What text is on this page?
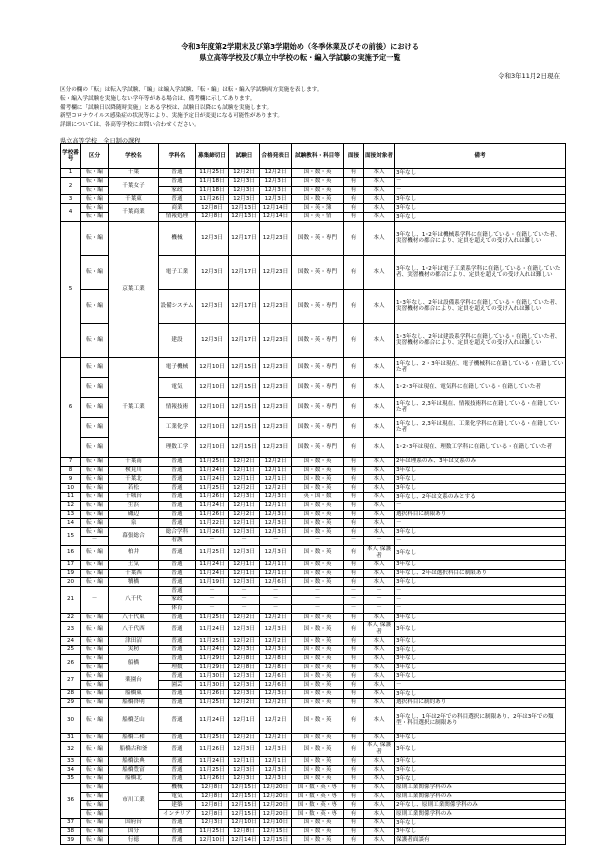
令和3年度第2学期末及び第3学期始め（冬季休業及びその前後）における
県立高等学校及び県立中学校の転・編入学試験の実施予定一覧
令和3年11月2日現在
区分の欄の「転」は転入学試験、「編」は編入学試験、「転・編」は転・編入学試験両方実施を表します。
転・編入学試験を実施しない学年等がある場合は、備考欄に示してあります。
備考欄に「試験日以降随時実施」とある学校は、試験日以降にも試験を実施します。
新型コロナウイルス感染症の状況等により、実施予定日が変更になる可能性があります。
詳細については、各高等学校にお問い合わせください。
県立高等学校　全日制の課程
学校番号	区分	学校名	学科名	募集締切日	試験日	合格発表日	試験教科・科目等	面接	面接対象者	備考
1	転・編	千葉	普通	11月25日	12月2日	12月2日	国・数・英	有	本人	3年なし
2	転・編	千葉女子	普通	11月18日	12月3日	12月3日	国・数・英	有	本人	－
	転・編		家政	11月18日	12月3日	12月3日	国・数・英	有	本人	－
3	転・編	千葉東	普通	11月26日	12月3日	12月3日	国・数・英	有	本人	3年なし
4	転・編	千葉商業	商業	12月8日	12月13日	12月14日	国・英・簿	有	本人	3年なし
	転・編		情報処理	12月8日	12月13日	12月14日	国・英・情	有	本人	3年なし
5	転・編	京葉工業	機械	12月3日	12月17日	12月23日	国数・英・専門	有	本人	3年なし、1･2年は機械系学科に在籍している・在籍していた者、実習機材の都合により、定員を超えての受け入れは難しい
	転・編		電子工業	12月3日	12月17日	12月23日	国数・英・専門	有	本人	3年なし、1･2年は電子工業系学科に在籍している・在籍していた者、実習機材の都合により、定員を超えての受け入れは難しい
	転・編		設備システム	12月3日	12月17日	12月23日	国数・英・専門	有	本人	1･3年なし、2年は設備系学科に在籍している・在籍していた者、実習機材の都合により、定員を超えての受け入れは難しい
	転・編		建設	12月3日	12月17日	12月23日	国数・英・専門	有	本人	1･3年なし、2年は建設系学科に在籍している・在籍していた者、実習機材の都合により、定員を超えての受け入れは難しい
6	転・編	千葉工業	電子機械	12月10日	12月15日	12月23日	国数・英・専門	有	本人	1年なし、2・3年は現在、電子機械科に在籍している・在籍していた者
	転・編		電気	12月10日	12月15日	12月23日	国数・英・専門	有	本人	1･2･3年は現在、電気科に在籍している・在籍していた者
	転・編		情報技術	12月10日	12月15日	12月23日	国数・英・専門	有	本人	1年なし、2,3年は現在、情報技術科に在籍している・在籍していた者
	転・編		工業化学	12月10日	12月15日	12月23日	国数・英・専門	有	本人	1年なし、2,3年は現在、工業化学科に在籍している・在籍していた者
	転・編		理数工学	12月10日	12月15日	12月23日	国数・英・専門	有	本人	1･2･3年は現在、理数工学科に在籍している・在籍していた者
7	転・編	千葉南	普通	11月25日	12月2日	12月2日	国・数・英	有	本人	2年は理系のみ、3年は文系のみ
8	転・編	検見川	普通	11月24日	12月1日	12月1日	国・数・英	有	本人	3年なし
9	転・編	千葉北	普通	11月24日	12月1日	12月1日	国・数・英	有	本人	3年なし
10	転・編	若松	普通	11月25日	12月2日	12月2日	国・数・英	有	本人	3年なし
11	転・編	千城台	普通	11月26日	12月3日	12月3日	英・国・数	有	本人	3年なし、2年は文系のみとする
12	転・編	生浜	普通	11月24日	12月1日	12月1日	国・数・英	有	本人	－
13	転・編	磯辺	普通	11月26日	12月2日	12月3日	国・数・英	有	本人	選択科目に制限あり
14	転・編	泉	普通	11月22日	12月1日	12月3日	国・数・英	有	本人	－
15	転・編	幕張総合	総合学科	11月26日	12月3日	12月3日	国・数・英	有	本人	3年なし
	－		看護	－	－	－	－	－	－	－
16	転・編	柏井	普通	11月25日	12月3日	12月3日	国・数・英	有	本人 保護者	3年なし
17	転・編	土気	普通	11月24日	12月1日	12月1日	国・数・英	有	本人	3年なし
19	転・編	千葉西	普通	11月24日	12月1日	12月1日	国・数・英	有	本人	3年なし、2年は選択科目に制限あり
20	転・編	犢橋	普通	11月19日	12月3日	12月6日	国・数・英	有	本人	3年なし
21	－	八千代	普通	－	－	－	－	－	－	－
			家政	－	－	－	－	－	－	－
			体育	－	－	－	－	－	－	－
22	転・編	八千代東	普通	11月25日	12月2日	12月2日	国・数・英	有	本人	3年なし
23	転・編	八千代西	普通	11月24日	12月3日	12月3日	国・数・英	有	本人 保護者	3年なし
24	転・編	津田沼	普通	11月25日	12月2日	12月2日	国・数・英	有	本人	3年なし
25	転・編	実籾	普通	11月24日	12月3日	12月3日	国・数・英	有	本人	3年なし
26	転・編	船橋	普通	11月29日	12月8日	12月8日	国・数・英	有	本人	3年なし
	転・編		理数	11月29日	12月8日	12月8日	国・数・英	有	本人	3年なし
27	転・編	薬園台	普通	11月30日	12月3日	12月6日	国・数・英	有	本人	3年なし
	転・編		園芸	11月30日	12月3日	12月6日	国・数・英	有	本人	－
28	転・編	船橋東	普通	11月26日	12月3日	12月3日	国・数・英	有	本人	3年なし
29	転・編	船橋啓明	普通	11月25日	12月2日	12月2日	国・数・英	有	本人	選択科目に制約あり
30	転・編	船橋芝山	普通	11月24日	12月1日	12月2日	国・数・英	有	本人	3年なし、1年は2年での科目選択に制限あり、2年は3年での類型・科目選択に制限あり
31	転・編	船橋二和	普通	11月25日	12月2日	12月2日	国・数・英	有	本人	3年なし
32	転・編	船橋古和釜	普通	11月26日	12月3日	12月3日	国・数・英	有	本人 保護者	3年なし
33	転・編	船橋法典	普通	11月24日	12月1日	12月1日	国・数・英	有	本人	3年なし
34	転・編	船橋豊富	普通	11月25日	12月3日	12月3日	国・数・英	有	本人	3年なし
35	転・編	船橋北	普通	11月26日	12月3日	12月3日	国・数・英	有	本人	3年なし
36	転・編	市川工業	機械	12月8日	12月15日	12月20日	国・数・英・専	有	本人	原則工業関係学科のみ
	転・編		電気	12月8日	12月15日	12月20日	国・数・英・専	有	本人	原則工業関係学科のみ
	転・編		建築	12月8日	12月15日	12月20日	国・数・英・専	有	本人	2年なし、原則工業関係学科のみ
	転・編		インテリア	12月8日	12月15日	12月20日	国・数・英・専	有	本人	原則工業関係学科のみ
37	転・編	国府台	普通	12月3日	12月10日	12月10日	国・数・英	有	本人	3年なし
38	転・編	国分	普通	11月25日	12月8日	12月15日	国・数・英	有	本人	3年なし
39	転・編	行徳	普通	12月10日	12月14日	12月15日	国・数・英	有	本人	保護者面談有
